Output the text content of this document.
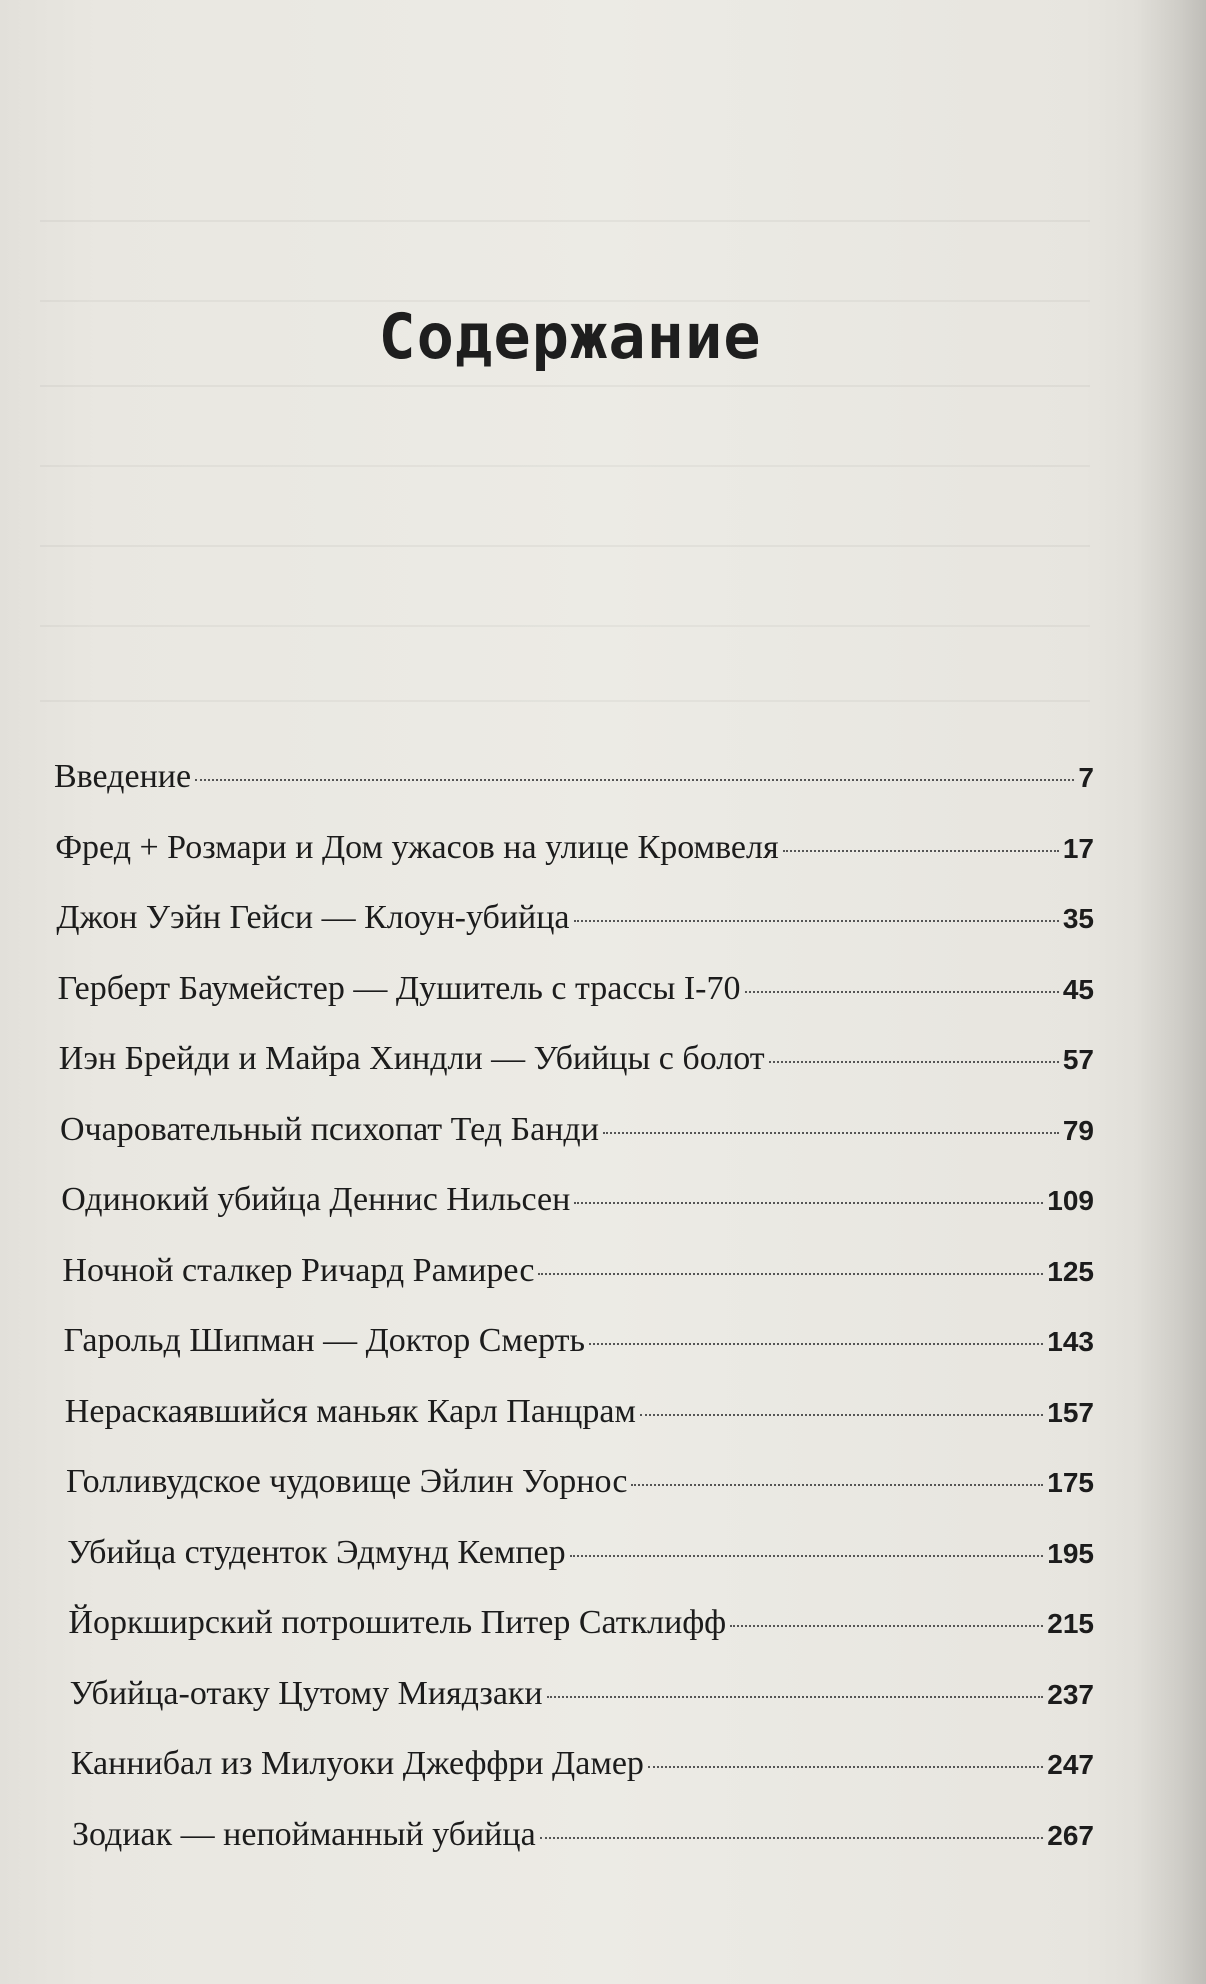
Содержание
Введение	7
Фред + Розмари и Дом ужасов на улице Кромвеля	17
Джон Уэйн Гейси — Клоун-убийца	35
Герберт Баумейстер — Душитель с трассы I-70	45
Иэн Брейди и Майра Хиндли — Убийцы с болот	57
Очаровательный психопат Тед Банди	79
Одинокий убийца Деннис Нильсен	109
Ночной сталкер Ричард Рамирес	125
Гарольд Шипман — Доктор Смерть	143
Нераскаявшийся маньяк Карл Панцрам	157
Голливудское чудовище Эйлин Уорнос	175
Убийца студенток Эдмунд Кемпер	195
Йоркширский потрошитель Питер Сатклифф	215
Убийца-отаку Цутому Миядзаки	237
Каннибал из Милуоки Джеффри Дамер	247
Зодиак — непойманный убийца	267
